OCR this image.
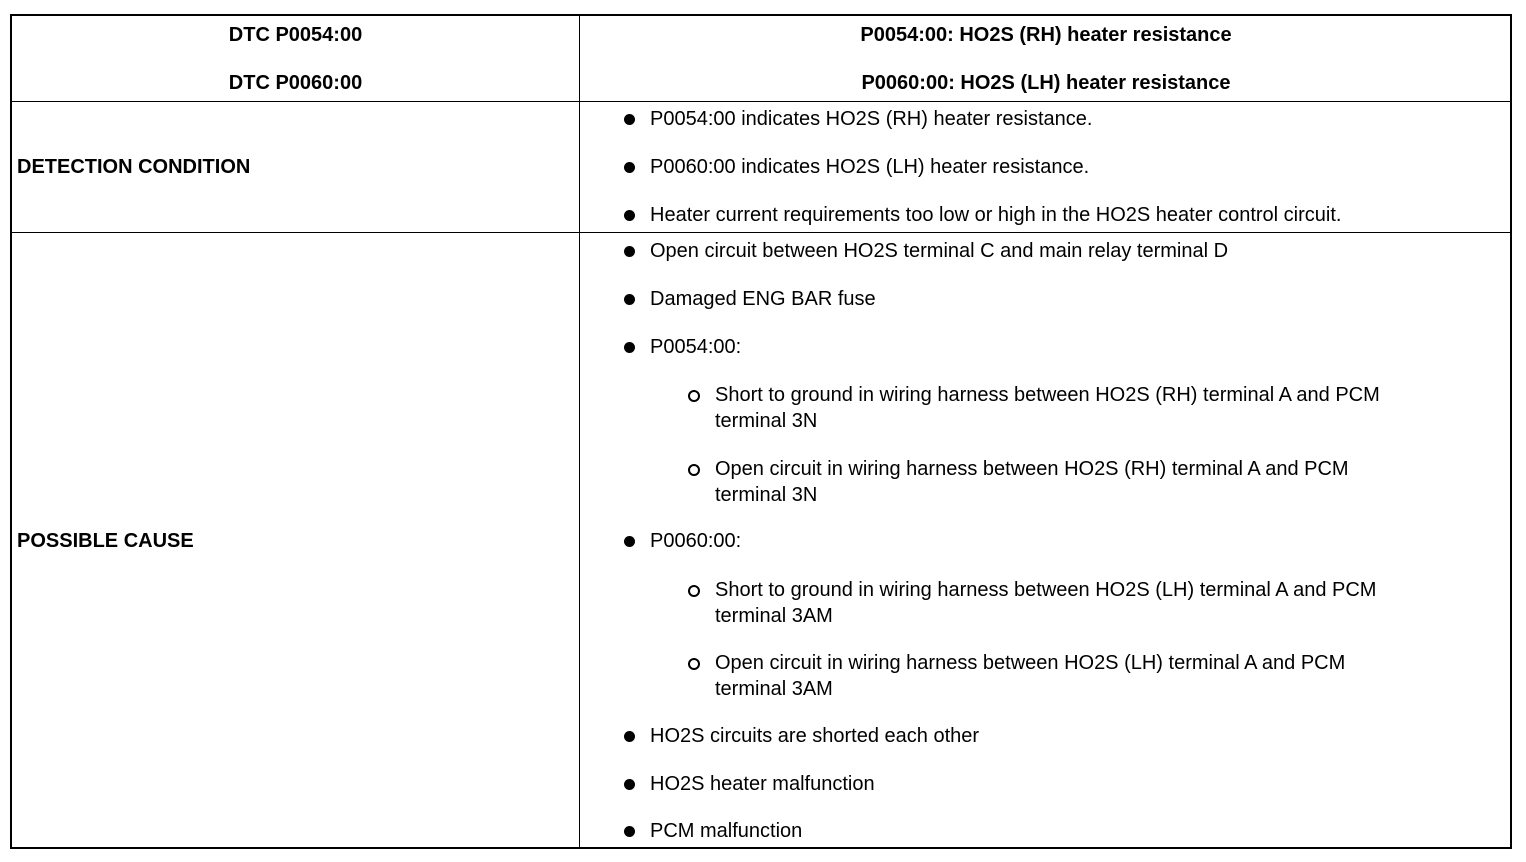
DTC P0054:00
DTC P0060:00
P0054:00: HO2S (RH) heater resistance
P0060:00: HO2S (LH) heater resistance
DETECTION CONDITION
P0054:00 indicates HO2S (RH) heater resistance.
P0060:00 indicates HO2S (LH) heater resistance.
Heater current requirements too low or high in the HO2S heater control circuit.
POSSIBLE CAUSE
Open circuit between HO2S terminal C and main relay terminal D
Damaged ENG BAR fuse
P0054:00:
Short to ground in wiring harness between HO2S (RH) terminal A and PCM
terminal 3N
Open circuit in wiring harness between HO2S (RH) terminal A and PCM
terminal 3N
P0060:00:
Short to ground in wiring harness between HO2S (LH) terminal A and PCM
terminal 3AM
Open circuit in wiring harness between HO2S (LH) terminal A and PCM
terminal 3AM
HO2S circuits are shorted each other
HO2S heater malfunction
PCM malfunction
